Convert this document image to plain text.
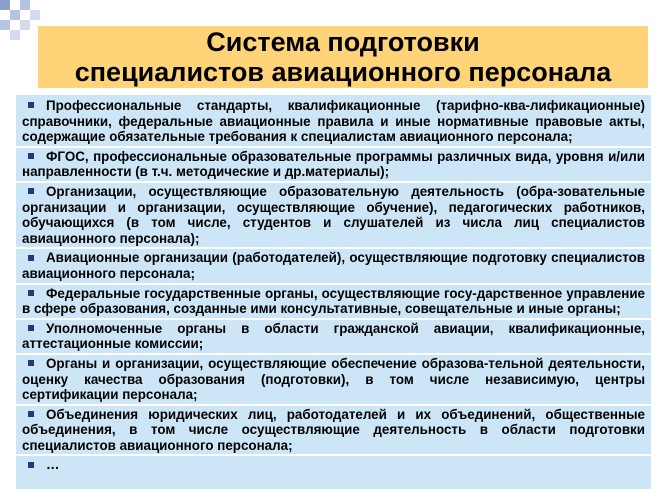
Система подготовки
специалистов авиационного персонала
Профессиональные стандарты, квалификационные (тарифно-ква-лификационные) справочники, федеральные авиационные правила и иные нормативные правовые акты, содержащие обязательные требования к специалистам авиационного персонала;
ФГОС, профессиональные образовательные программы различных вида, уровня и/или направленности (в т.ч. методические и др.материалы);
Организации, осуществляющие образовательную деятельность (обра-зовательные организации и организации, осуществляющие обучение), педагогических работников, обучающихся (в том числе, студентов и слушателей из числа лиц специалистов авиационного персонала);
Авиационные организации (работодателей), осуществляющие подготовку специалистов авиационного персонала;
Федеральные государственные органы, осуществляющие госу-дарственное управление в сфере образования, созданные ими консультативные, совещательные и иные органы;
Уполномоченные органы в области гражданской авиации, квалификационные, аттестационные комиссии;
Органы и организации, осуществляющие обеспечение образова-тельной деятельности, оценку качества образования (подготовки), в том числе независимую, центры сертификации персонала;
Объединения юридических лиц, работодателей и их объединений, общественные объединения, в том числе осуществляющие деятельность в области подготовки специалистов авиационного персонала;
…
